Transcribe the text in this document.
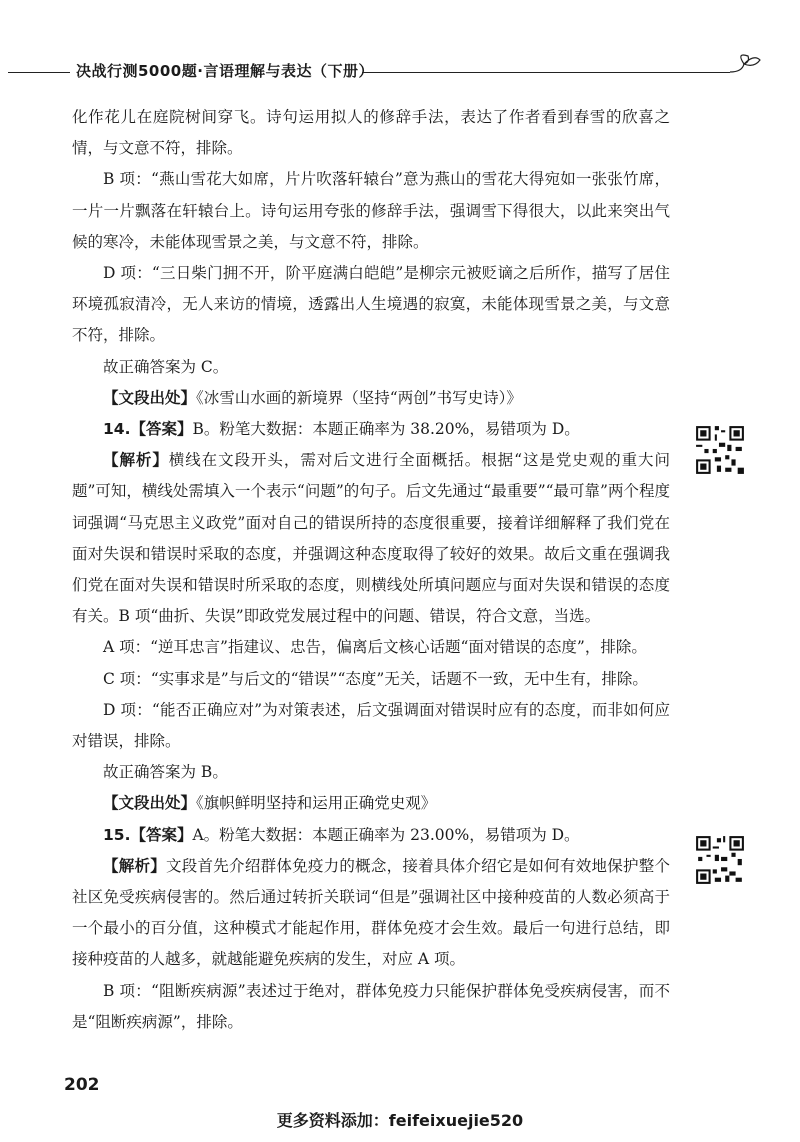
决战行测5000题·言语理解与表达（下册）

化作花儿在庭院树间穿飞。诗句运用拟人的修辞手法，表达了作者看到春雪的欣喜之情，与文意不符，排除。

B 项：“燕山雪花大如席，片片吹落轩辕台”意为燕山的雪花大得宛如一张张竹席，一片一片飘落在轩辕台上。诗句运用夸张的修辞手法，强调雪下得很大，以此来突出气候的寒冷，未能体现雪景之美，与文意不符，排除。

D 项：“三日柴门拥不开，阶平庭满白皑皑”是柳宗元被贬谪之后所作，描写了居住环境孤寂清冷，无人来访的情境，透露出人生境遇的寂寞，未能体现雪景之美，与文意不符，排除。

故正确答案为 C。

【文段出处】《冰雪山水画的新境界（坚持“两创”书写史诗）》

14.【答案】B。粉笔大数据：本题正确率为 38.20%，易错项为 D。

【解析】横线在文段开头，需对后文进行全面概括。根据“这是党史观的重大问题”可知，横线处需填入一个表示“问题”的句子。后文先通过“最重要”“最可靠”两个程度词强调“马克思主义政党”面对自己的错误所持的态度很重要，接着详细解释了我们党在面对失误和错误时采取的态度，并强调这种态度取得了较好的效果。故后文重在强调我们党在面对失误和错误时所采取的态度，则横线处所填问题应与面对失误和错误的态度有关。B 项“曲折、失误”即政党发展过程中的问题、错误，符合文意，当选。

A 项：“逆耳忠言”指建议、忠告，偏离后文核心话题“面对错误的态度”，排除。

C 项：“实事求是”与后文的“错误”“态度”无关，话题不一致，无中生有，排除。

D 项：“能否正确应对”为对策表述，后文强调面对错误时应有的态度，而非如何应对错误，排除。

故正确答案为 B。

【文段出处】《旗帜鲜明坚持和运用正确党史观》

15.【答案】A。粉笔大数据：本题正确率为 23.00%，易错项为 D。

【解析】文段首先介绍群体免疫力的概念，接着具体介绍它是如何有效地保护整个社区免受疾病侵害的。然后通过转折关联词“但是”强调社区中接种疫苗的人数必须高于一个最小的百分值，这种模式才能起作用，群体免疫才会生效。最后一句进行总结，即接种疫苗的人越多，就越能避免疾病的发生，对应 A 项。

B 项：“阻断疾病源”表述过于绝对，群体免疫力只能保护群体免受疾病侵害，而不是“阻断疾病源”，排除。

202
更多资料添加：feifeixuejie520
